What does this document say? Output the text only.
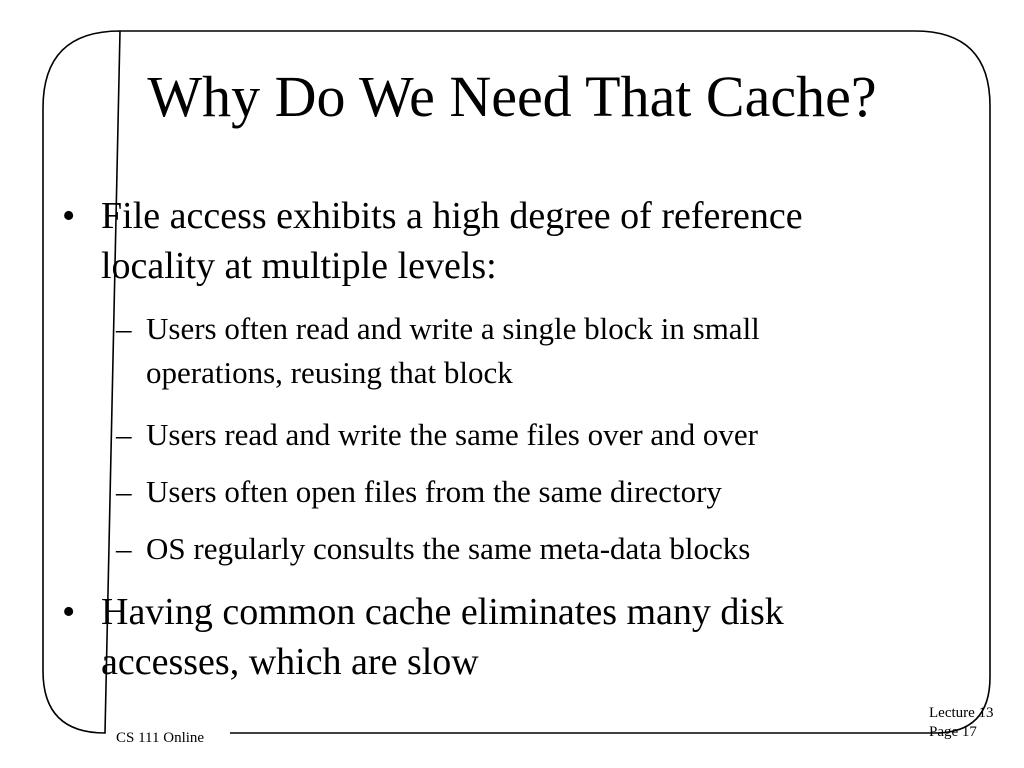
Why Do We Need That Cache?
• File access exhibits a high degree of reference
locality at multiple levels:
– Users often read and write a single block in small
operations, reusing that block
– Users read and write the same files over and over
– Users often open files from the same directory
– OS regularly consults the same meta-data blocks
• Having common cache eliminates many disk
accesses, which are slow
CS 111 Online
Lecture 13
Page 17
